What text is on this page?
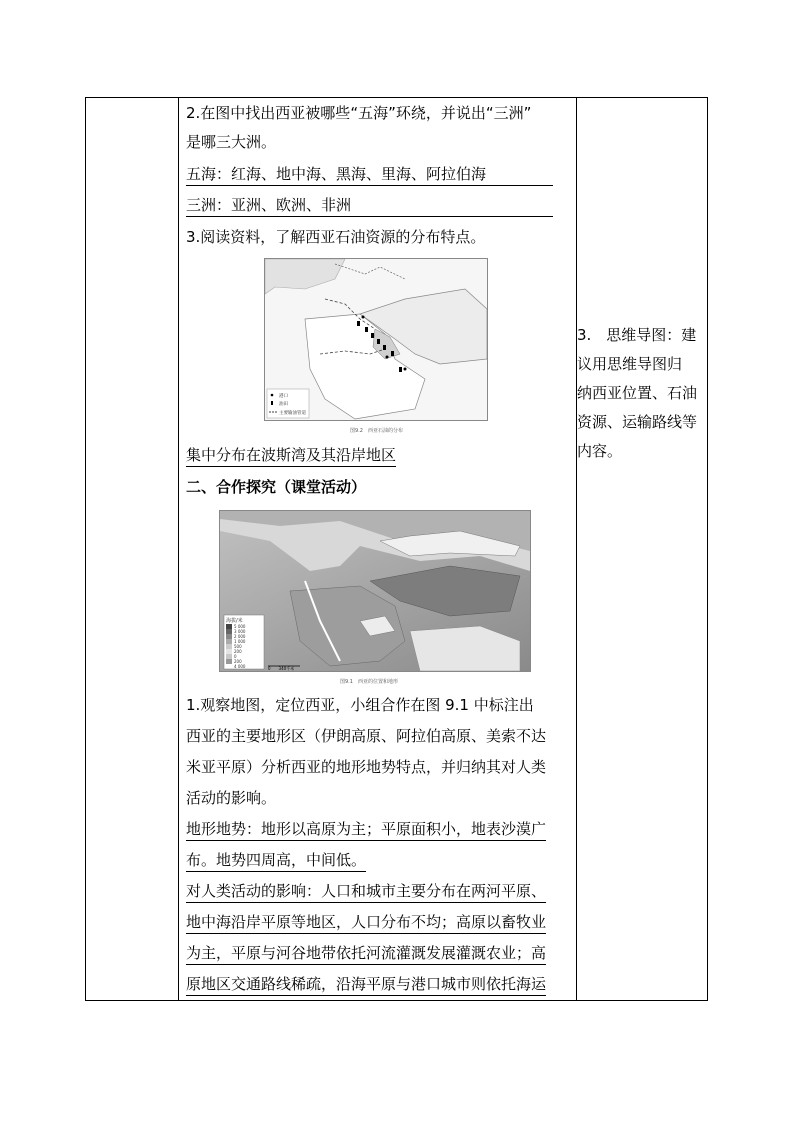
2.在图中找出西亚被哪些“五海”环绕，并说出“三洲”
是哪三大洲。
五海：红海、地中海、黑海、里海、阿拉伯海
三洲：亚洲、欧洲、非洲
3.阅读资料，了解西亚石油资源的分布特点。
港口
油田
主要输油管道
图9.2　西亚石油的分布
集中分布在波斯湾及其沿岸地区
二、合作探究（课堂活动）
海拔/米
5 000
3 000
2 000
1 000
500
200
0
200
4 000	0　　340千米
图9.1　西亚的位置和地形
1.观察地图，定位西亚，小组合作在图 9.1 中标注出
西亚的主要地形区（伊朗高原、阿拉伯高原、美索不达
米亚平原）分析西亚的地形地势特点，并归纳其对人类
活动的影响。
地形地势：地形以高原为主；平原面积小，地表沙漠广
布。地势四周高，中间低。
对人类活动的影响：人口和城市主要分布在两河平原、
地中海沿岸平原等地区，人口分布不均；高原以畜牧业
为主，平原与河谷地带依托河流灌溉发展灌溉农业；高
原地区交通路线稀疏，沿海平原与港口城市则依托海运
3.　思维导图：建
议用思维导图归
纳西亚位置、石油
资源、运输路线等
内容。
